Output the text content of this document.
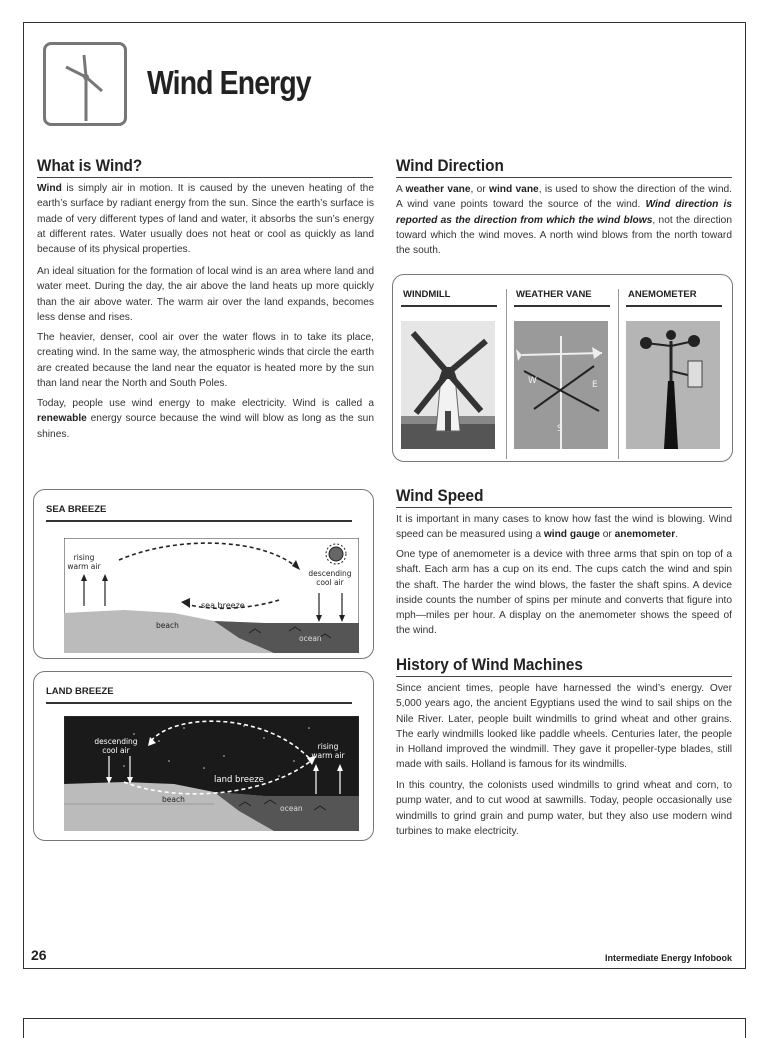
Wind Energy
What is Wind?

Wind is simply air in motion. It is caused by the uneven heating of the earth’s surface by radiant energy from the sun. Since the earth’s surface is made of very different types of land and water, it absorbs the sun’s energy at different rates. Water usually does not heat or cool as quickly as land because of its physical properties.

An ideal situation for the formation of local wind is an area where land and water meet. During the day, the air above the land heats up more quickly than the air above water. The warm air over the land expands, becomes less dense and rises.

The heavier, denser, cool air over the water flows in to take its place, creating wind. In the same way, the atmospheric winds that circle the earth are created because the land near the equator is heated more by the sun than land near the North and South Poles.

Today, people use wind energy to make electricity. Wind is called a renewable energy source because the wind will blow as long as the sun shines.

Wind Direction

A weather vane, or wind vane, is used to show the direction of the wind. A wind vane points toward the source of the wind. Wind direction is reported as the direction from which the wind blows, not the direction toward which the wind moves. A north wind blows from the north toward the south.

WINDMILL	WEATHER VANE
W	E
S
ANEMOMETER
SEA BREEZE
rising
warm air
descending
cool air
sea breeze
beach
ocean
LAND BREEZE
descending
cool air	rising
warm air
land breeze
beach
ocean
Wind Speed

It is important in many cases to know how fast the wind is blowing. Wind speed can be measured using a wind gauge or anemometer.

One type of anemometer is a device with three arms that spin on top of a shaft. Each arm has a cup on its end. The cups catch the wind and spin the shaft. The harder the wind blows, the faster the shaft spins. A device inside counts the number of spins per minute and converts that figure into mph—miles per hour. A display on the anemometer shows the speed of the wind.

History of Wind Machines

Since ancient times, people have harnessed the wind’s energy. Over 5,000 years ago, the ancient Egyptians used the wind to sail ships on the Nile River. Later, people built windmills to grind wheat and other grains. The early windmills looked like paddle wheels. Centuries later, the people in Holland improved the windmill. They gave it propeller-type blades, still made with sails. Holland is famous for its windmills.

In this country, the colonists used windmills to grind wheat and corn, to pump water, and to cut wood at sawmills. Today, people occasionally use windmills to grind grain and pump water, but they also use modern wind turbines to make electricity.

26	Intermediate Energy Infobook
